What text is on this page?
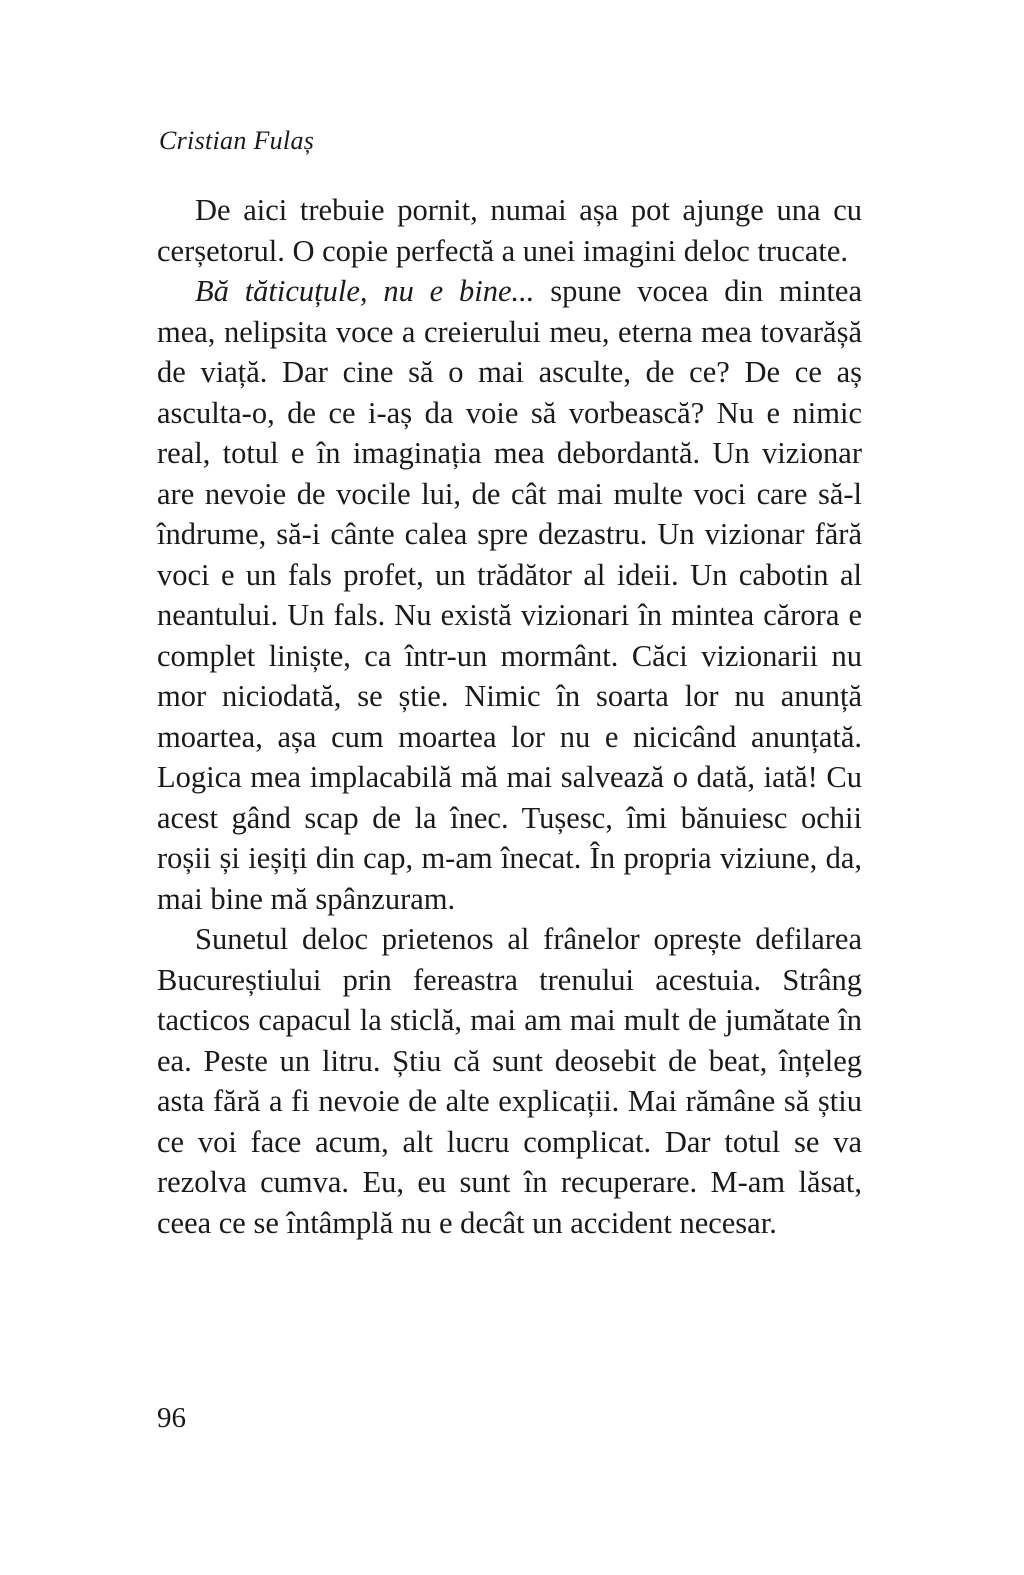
Cristian Fulaș

De aici trebuie pornit, numai așa pot ajunge una cu cerșetorul. O copie perfectă a unei imagini deloc trucate.

Bă tăticuțule, nu e bine... spune vocea din mintea mea, nelipsita voce a creierului meu, eterna mea tovarășă de viață. Dar cine să o mai asculte, de ce? De ce aș asculta-o, de ce i-aș da voie să vorbească? Nu e nimic real, totul e în imaginația mea debordantă. Un vizionar are nevoie de vocile lui, de cât mai multe voci care să-l îndrume, să-i cânte calea spre dezastru. Un vizionar fără voci e un fals profet, un trădător al ideii. Un cabotin al neantului. Un fals. Nu există vizionari în mintea cărora e complet liniște, ca într-un mormânt. Căci vizionarii nu mor niciodată, se știe. Nimic în soarta lor nu anunță moartea, așa cum moartea lor nu e nicicând anunțată. Logica mea implacabilă mă mai salvează o dată, iată! Cu acest gând scap de la înec. Tușesc, îmi bănuiesc ochii roșii și ieșiți din cap, m-am înecat. În propria viziune, da, mai bine mă spânzuram.

Sunetul deloc prietenos al frânelor oprește defilarea Bucureștiului prin fereastra trenului acestuia. Strâng tacticos capacul la sticlă, mai am mai mult de jumătate în ea. Peste un litru. Știu că sunt deosebit de beat, înțeleg asta fără a fi nevoie de alte explicații. Mai rămâne să știu ce voi face acum, alt lucru complicat. Dar totul se va rezolva cumva. Eu, eu sunt în recuperare. M-am lăsat, ceea ce se întâmplă nu e decât un accident necesar.

96
